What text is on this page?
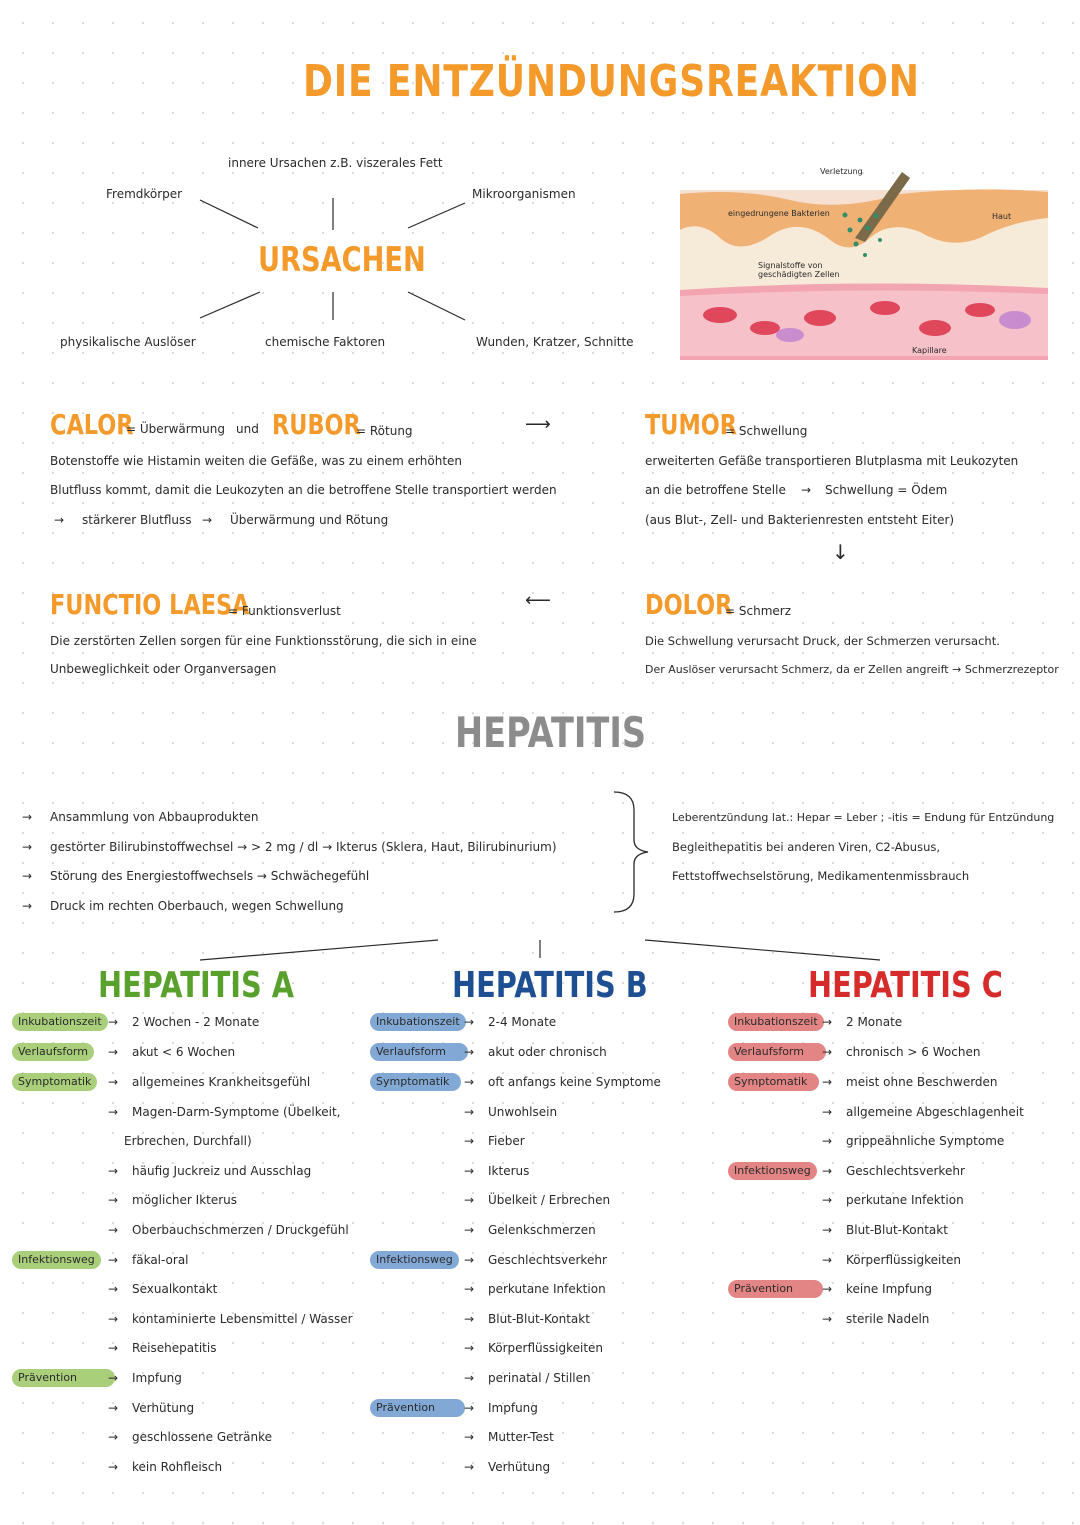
DIE ENTZÜNDUNGSREAKTION
innere Ursachen z.B. viszerales Fett
Fremdkörper	Mikroorganismen
URSACHEN
physikalische Auslöser	chemische Faktoren	Wunden, Kratzer, Schnitte
Verletzung
eingedrungene Bakterien	Haut
Signalstoffe von
geschädigten Zellen
Kapillare
CALOR
= Überwärmung und RUBOR
= Rötung
Botenstoffe wie Histamin weiten die Gefäße, was zu einem erhöhten
Blutfluss kommt, damit die Leukozyten an die betroffene Stelle transportiert werden
→ stärkerer Blutfluss → Überwärmung und Rötung
⟶	TUMOR
= Schwellung
erweiterten Gefäße transportieren Blutplasma mit Leukozyten
an die betroffene Stelle → Schwellung = Ödem
(aus Blut-, Zell- und Bakterienresten entsteht Eiter)
↓
FUNCTIO LAESA
= Funktionsverlust
Die zerstörten Zellen sorgen für eine Funktionsstörung, die sich in eine
Unbeweglichkeit oder Organversagen
⟵	DOLOR
= Schmerz
Die Schwellung verursacht Druck, der Schmerzen verursacht.
Der Auslöser verursacht Schmerz, da er Zellen angreift → Schmerzrezeptor
HEPATITIS
→ Ansammlung von Abbauprodukten
→ gestörter Bilirubinstoffwechsel → > 2 mg / dl → Ikterus (Sklera, Haut, Bilirubinurium)
→ Störung des Energiestoffwechsels → Schwächegefühl
→ Druck im rechten Oberbauch, wegen Schwellung
Leberentzündung lat.: Hepar = Leber ; -itis = Endung für Entzündung
Begleithepatitis bei anderen Viren, C2-Abusus,
Fettstoffwechselstörung, Medikamentenmissbrauch
HEPATITIS A
Inkubationszeit → 2 Wochen - 2 Monate
Verlaufsform	→ akut < 6 Wochen
Symptomatik	→ allgemeines Krankheitsgefühl
→ Magen-Darm-Symptome (Übelkeit,
Erbrechen, Durchfall)
→ häufig Juckreiz und Ausschlag
→ möglicher Ikterus
→ Oberbauchschmerzen / Druckgefühl
Infektionsweg	→ fäkal-oral
→ Sexualkontakt
→ kontaminierte Lebensmittel / Wasser
→ Reisehepatitis
Prävention	→ Impfung
→ Verhütung
→ geschlossene Getränke
→ kein Rohfleisch
HEPATITIS B
Inkubationszeit → 2-4 Monate
Verlaufsform	→ akut oder chronisch
Symptomatik	→ oft anfangs keine Symptome
→ Unwohlsein
→ Fieber
→ Ikterus
→ Übelkeit / Erbrechen
→ Gelenkschmerzen
Infektionsweg → Geschlechtsverkehr
→ perkutane Infektion
→ Blut-Blut-Kontakt
→ Körperflüssigkeiten
→ perinatal / Stillen
Prävention	→ Impfung
→ Mutter-Test
→ Verhütung
HEPATITIS C
Inkubationszeit → 2 Monate
Verlaufsform	→ chronisch > 6 Wochen
Symptomatik	→ meist ohne Beschwerden
→ allgemeine Abgeschlagenheit
→ grippeähnliche Symptome
Infektionsweg → Geschlechtsverkehr
→ perkutane Infektion
→ Blut-Blut-Kontakt
→ Körperflüssigkeiten
Prävention	→ keine Impfung
→ sterile Nadeln
